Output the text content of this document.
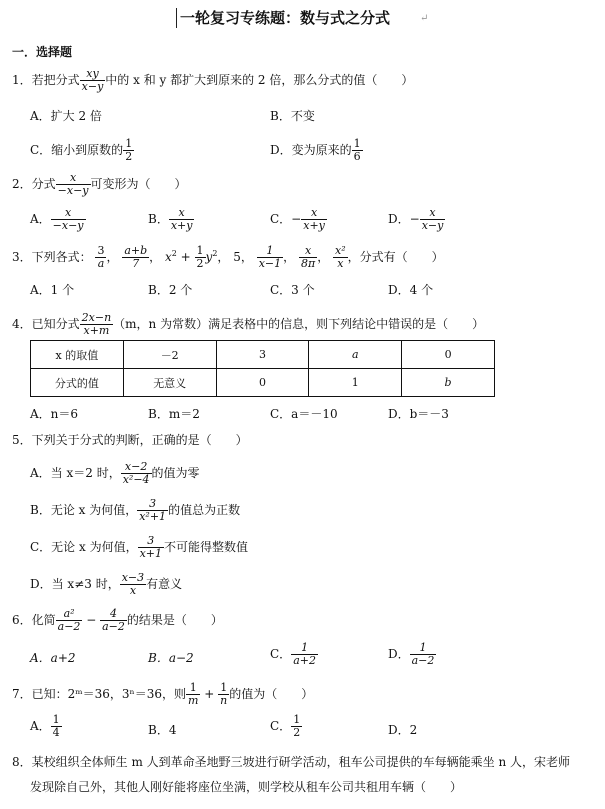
一轮复习专练题：数与式之分式	↵
一．选择题
1．若把分式 $\frac{xy}{x-y}$ 中的 x 和 y 都扩大到原来的 2 倍，那么分式的值（　　）
A．扩大 2 倍	B．不变
C．缩小到原数的 $\frac{1}{2}$	D．变为原来的 $\frac{1}{6}$
2．分式 $\frac{x}{-x-y}$ 可变形为（　　）
A． $\frac{x}{-x-y}$	B． $\frac{x}{x+y}$	C．− $\frac{x}{x+y}$	D．− $\frac{x}{x-y}$
3．下列各式： $\frac{3}{a}$ ， $\frac{a+b}{7}$ ， $x^2 + \frac{1}{2} y^2$， 5， $\frac{1}{x-1}$ ， $\frac{x}{8\pi}$ ， $\frac{\text{x²}}{x}$ ，分式有（　　）
A．1 个	B．2 个	C．3 个	D．4 个
4．已知分式 $\frac{2x-n}{x+m} (m$，n 为常数）满足表格中的信息，则下列结论中错误的是（　　）
x 的取值	－2	3	a	0
分式的值	无意义	0	1	b
A．n＝6	B．m＝2	C．a＝－10	D．b＝－3
5．下列关于分式的判断，正确的是（　　）
A．当 x＝2 时， $\frac{x-2}{\text{x²−4}}$ 的值为零
B．无论 x 为何值， $\frac{3}{\text{x²+1}}$ 的值总为正数
C．无论 x 为何值， $\frac{3}{x+1}$ 不可能得整数值
D．当 x≠3 时， $\frac{x-3}{x}$ 有意义
6．化简 $\frac{\text{a²}}{a-2} - \frac{4}{a-2}$ 的结果是（　　）
A．a+2	B．a−2	C． $\frac{1}{a+2}$	D． $\frac{1}{a-2}$
7．已知：2ᵐ＝36，3ⁿ＝36，则 $\frac{1}{m} + \frac{1}{n}$ 的值为（　　）
A． $\frac{1}{4}$	B．4	C． $\frac{1}{2}$	D．2
8．某校组织全体师生 m 人到革命圣地野三坡进行研学活动，租车公司提供的车每辆能乘坐 n 人，宋老师
发现除自己外，其他人刚好能将座位坐满，则学校从租车公司共租用车辆（　　）
